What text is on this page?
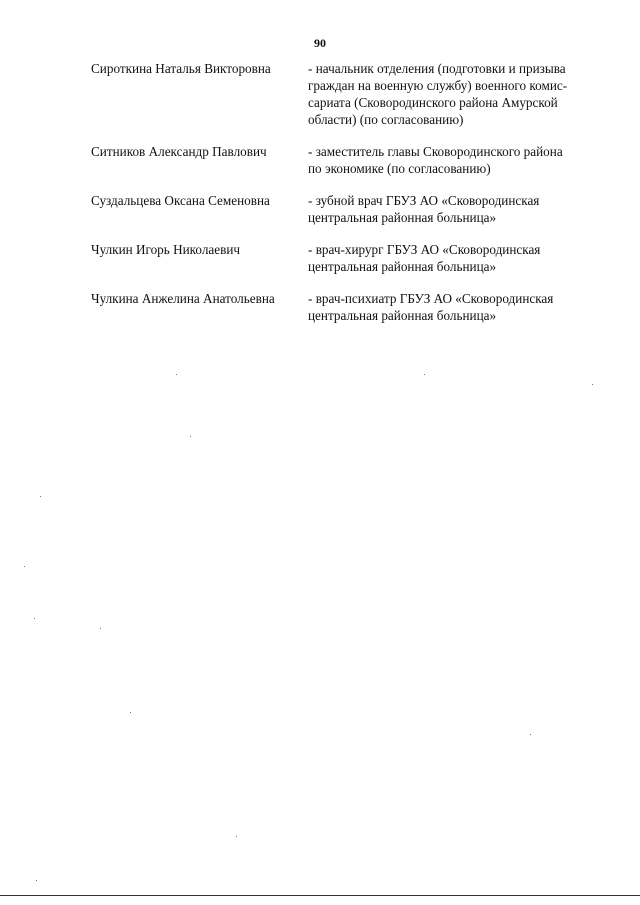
90
Сироткина Наталья Викторовна	- начальник отделения (подготовки и призыва
граждан на военную службу) военного комис-
сариата (Сковородинского района Амурской
области) (по согласованию)
Ситников Александр Павлович	- заместитель главы Сковородинского района
по экономике (по согласованию)
Суздальцева Оксана Семеновна	- зубной врач ГБУЗ АО «Сковородинская
центральная районная больница»
Чулкин Игорь Николаевич	- врач-хирург ГБУЗ АО «Сковородинская
центральная районная больница»
Чулкина Анжелина Анатольевна	- врач-психиатр ГБУЗ АО «Сковородинская
центральная районная больница»
